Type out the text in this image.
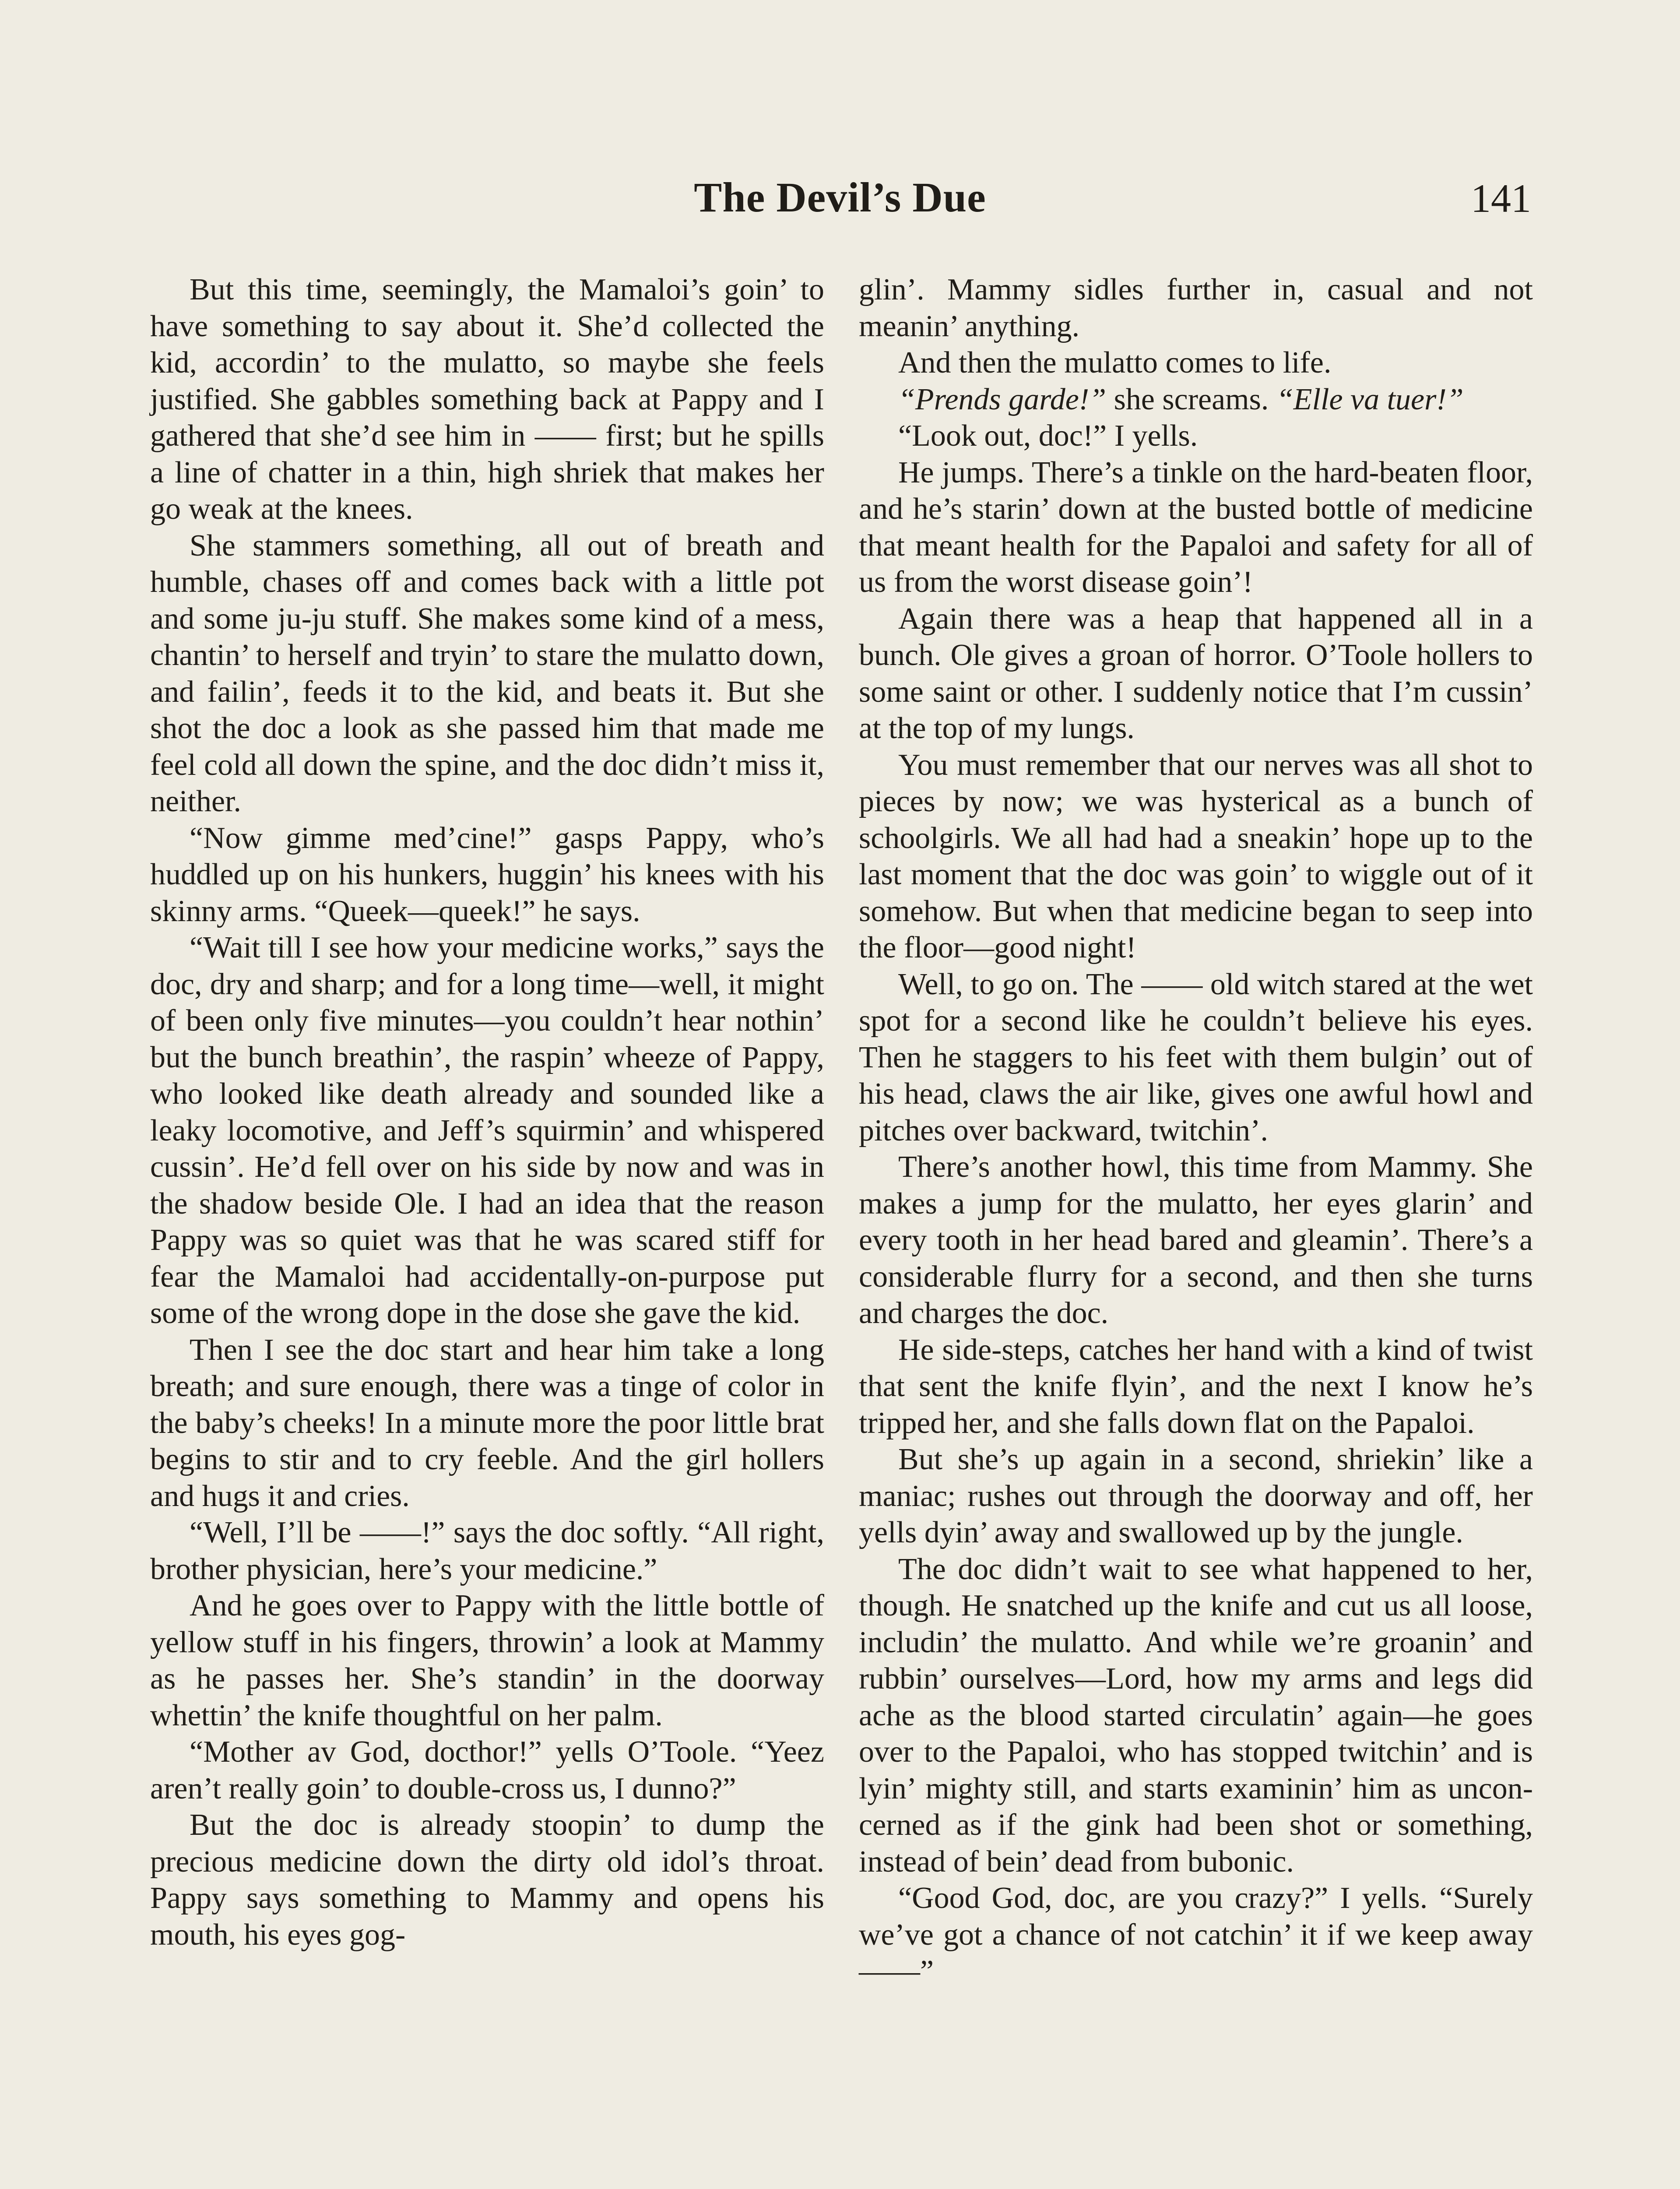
The Devil’s Due	141

But this time, seemingly, the Mamaloi’s goin’ to have something to say about it. She’d collected the kid, accordin’ to the mulatto, so maybe she feels justified. She gabbles something back at Pappy and I gathered that she’d see him in —— first; but he spills a line of chatter in a thin, high shriek that makes her go weak at the knees.

She stammers something, all out of breath and humble, chases off and comes back with a little pot and some ju-ju stuff. She makes some kind of a mess, chantin’ to herself and tryin’ to stare the mulatto down, and failin’, feeds it to the kid, and beats it. But she shot the doc a look as she passed him that made me feel cold all down the spine, and the doc didn’t miss it, neither.

“Now gimme med’cine!” gasps Pappy, who’s huddled up on his hunkers, huggin’ his knees with his skinny arms. “Queek—queek!” he says.

“Wait till I see how your medicine works,” says the doc, dry and sharp; and for a long time—well, it might of been only five minutes—you couldn’t hear nothin’ but the bunch breathin’, the raspin’ wheeze of Pappy, who looked like death already and sounded like a leaky locomotive, and Jeff’s squirmin’ and whispered cussin’. He’d fell over on his side by now and was in the shadow beside Ole. I had an idea that the reason Pappy was so quiet was that he was scared stiff for fear the Mamaloi had accidentally-on-purpose put some of the wrong dope in the dose she gave the kid.

Then I see the doc start and hear him take a long breath; and sure enough, there was a tinge of color in the baby’s cheeks! In a minute more the poor little brat begins to stir and to cry feeble. And the girl hollers and hugs it and cries.

“Well, I’ll be ——!” says the doc softly. “All right, brother physician, here’s your medicine.”

And he goes over to Pappy with the little bottle of yellow stuff in his fingers, throwin’ a look at Mammy as he passes her. She’s standin’ in the doorway whettin’ the knife thoughtful on her palm.

“Mother av God, docthor!” yells O’Toole. “Yeez aren’t really goin’ to double-cross us, I dunno?”

But the doc is already stoopin’ to dump the precious medicine down the dirty old idol’s throat. Pappy says something to Mammy and opens his mouth, his eyes gog-

glin’. Mammy sidles further in, casual and not meanin’ anything.

And then the mulatto comes to life.

“Prends garde!” she screams. “Elle va tuer!”

“Look out, doc!” I yells.

He jumps. There’s a tinkle on the hard-beaten floor, and he’s starin’ down at the busted bottle of medicine that meant health for the Papaloi and safety for all of us from the worst disease goin’!

Again there was a heap that happened all in a bunch. Ole gives a groan of horror. O’Toole hollers to some saint or other. I suddenly notice that I’m cussin’ at the top of my lungs.

You must remember that our nerves was all shot to pieces by now; we was hysterical as a bunch of schoolgirls. We all had had a sneakin’ hope up to the last moment that the doc was goin’ to wiggle out of it somehow. But when that medicine began to seep into the floor—good night!

Well, to go on. The —— old witch stared at the wet spot for a second like he couldn’t believe his eyes. Then he staggers to his feet with them bulgin’ out of his head, claws the air like, gives one awful howl and pitches over backward, twitchin’.

There’s another howl, this time from Mammy. She makes a jump for the mulatto, her eyes glarin’ and every tooth in her head bared and gleamin’. There’s a considerable flurry for a second, and then she turns and charges the doc.

He side-steps, catches her hand with a kind of twist that sent the knife flyin’, and the next I know he’s tripped her, and she falls down flat on the Papaloi.

But she’s up again in a second, shriekin’ like a maniac; rushes out through the doorway and off, her yells dyin’ away and swallowed up by the jungle.

The doc didn’t wait to see what happened to her, though. He snatched up the knife and cut us all loose, includin’ the mulatto. And while we’re groanin’ and rubbin’ ourselves—Lord, how my arms and legs did ache as the blood started circulatin’ again—he goes over to the Papaloi, who has stopped twitchin’ and is lyin’ mighty still, and starts examinin’ him as unconcerned as if the gink had been shot or something, instead of bein’ dead from bubonic.

“Good God, doc, are you crazy?” I yells. “Surely we’ve got a chance of not catchin’ it if we keep away——”
